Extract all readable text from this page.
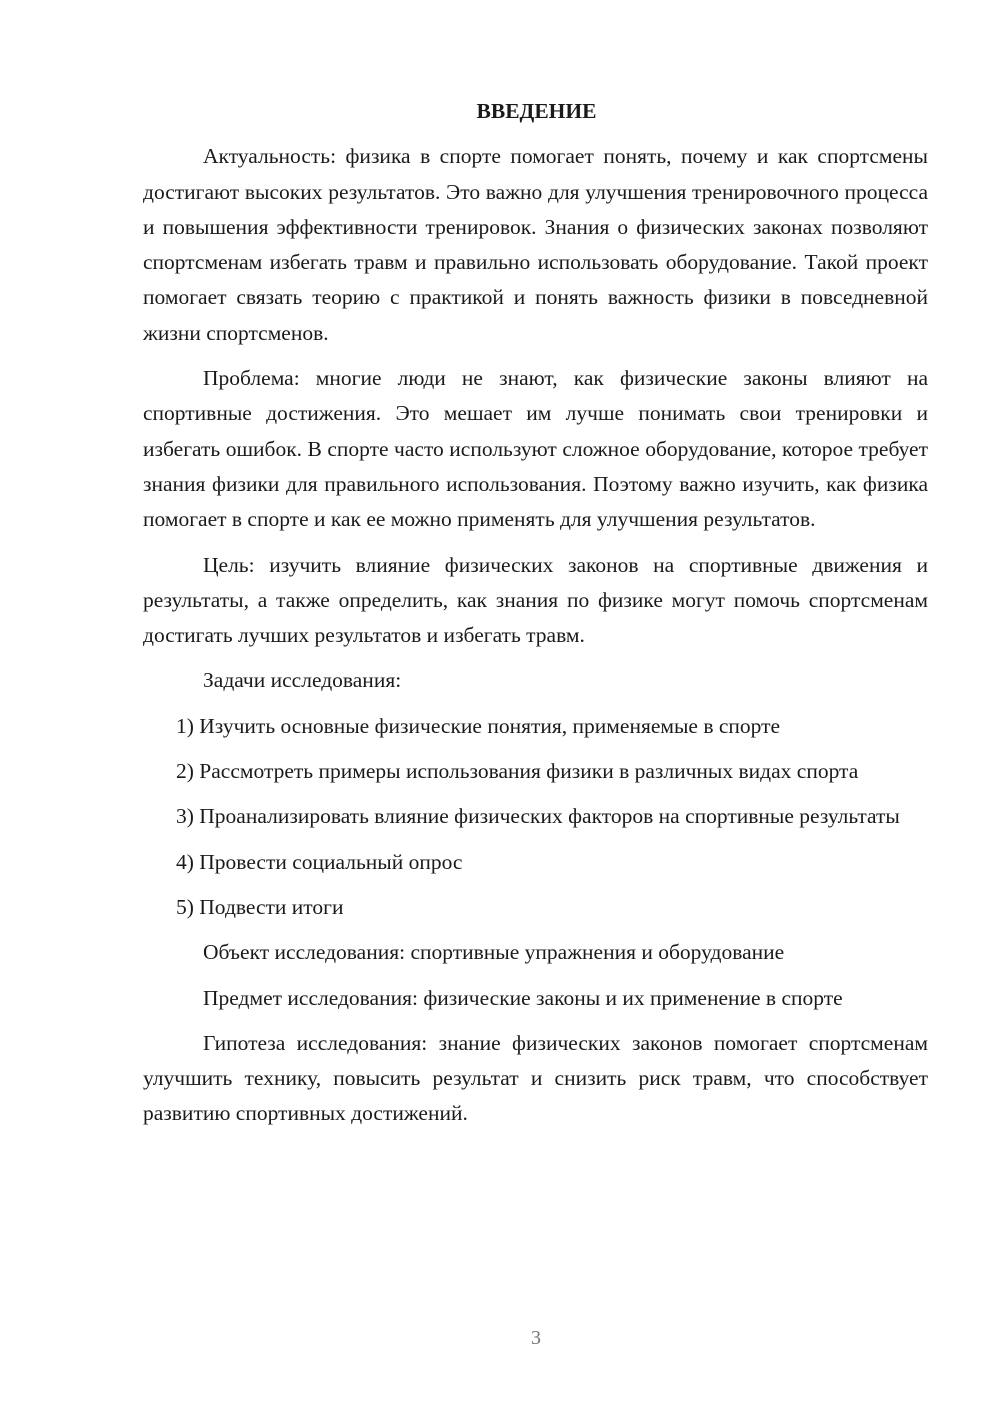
ВВЕДЕНИЕ

Актуальность: физика в спорте помогает понять, почему и как спортсмены достигают высоких результатов. Это важно для улучшения тренировочного процесса и повышения эффективности тренировок. Знания о физических законах позволяют спортсменам избегать травм и правильно использовать оборудование. Такой проект помогает связать теорию с практикой и понять важность физики в повседневной жизни спортсменов.

Проблема: многие люди не знают, как физические законы влияют на спортивные достижения. Это мешает им лучше понимать свои тренировки и избегать ошибок. В спорте часто используют сложное оборудование, которое требует знания физики для правильного использования. Поэтому важно изучить, как физика помогает в спорте и как ее можно применять для улучшения результатов.

Цель: изучить влияние физических законов на спортивные движения и результаты, а также определить, как знания по физике могут помочь спортсменам достигать лучших результатов и избегать травм.

Задачи исследования:

1) Изучить основные физические понятия, применяемые в спорте

2) Рассмотреть примеры использования физики в различных видах спорта

3) Проанализировать влияние физических факторов на спортивные результаты

4) Провести социальный опрос

5) Подвести итоги

Объект исследования: спортивные упражнения и оборудование

Предмет исследования: физические законы и их применение в спорте

Гипотеза исследования: знание физических законов помогает спортсменам улучшить технику, повысить результат и снизить риск травм, что способствует развитию спортивных достижений.

3
